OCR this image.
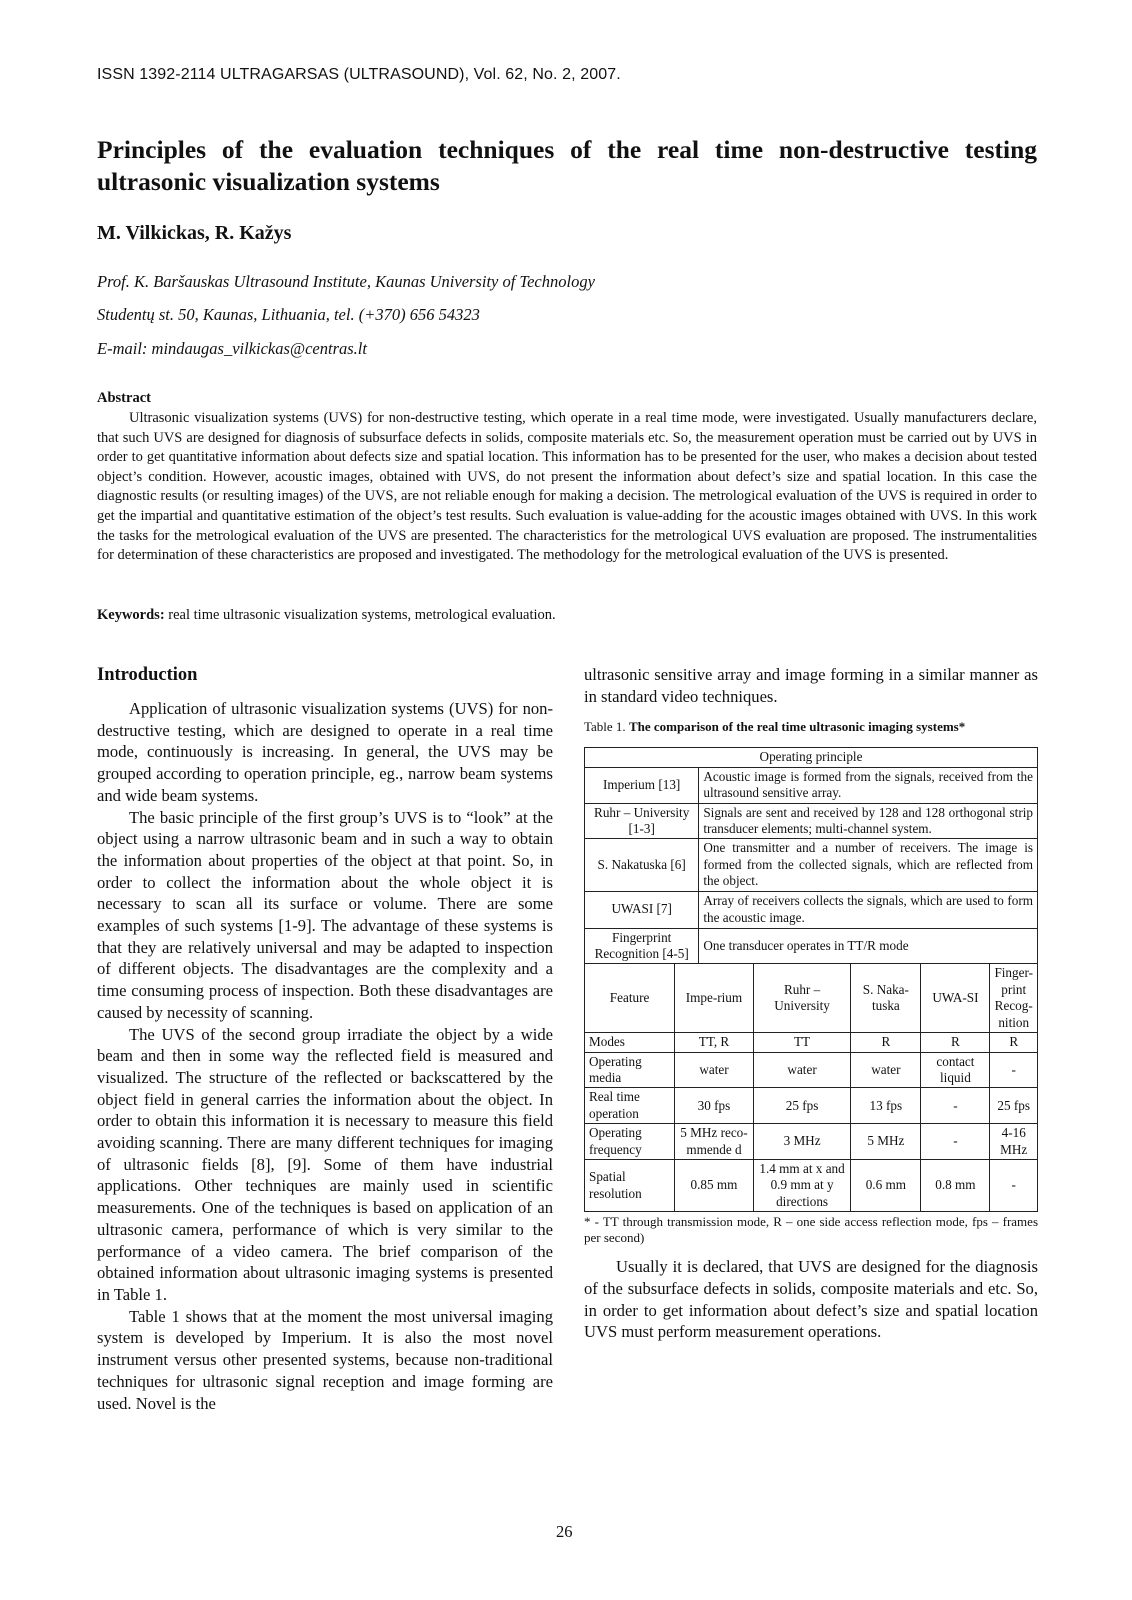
ISSN 1392-2114 ULTRAGARSAS (ULTRASOUND), Vol. 62, No. 2, 2007.
Principles of the evaluation techniques of the real time non-destructive testing ultrasonic visualization systems
M. Vilkickas, R. Kažys
Prof. K. Baršauskas Ultrasound Institute, Kaunas University of Technology
Studentų st. 50, Kaunas, Lithuania, tel. (+370) 656 54323
E-mail: mindaugas_vilkickas@centras.lt
Abstract

Ultrasonic visualization systems (UVS) for non-destructive testing, which operate in a real time mode, were investigated. Usually manufacturers declare, that such UVS are designed for diagnosis of subsurface defects in solids, composite materials etc. So, the measurement operation must be carried out by UVS in order to get quantitative information about defects size and spatial location. This information has to be presented for the user, who makes a decision about tested object’s condition. However, acoustic images, obtained with UVS, do not present the information about defect’s size and spatial location. In this case the diagnostic results (or resulting images) of the UVS, are not reliable enough for making a decision. The metrological evaluation of the UVS is required in order to get the impartial and quantitative estimation of the object’s test results. Such evaluation is value-adding for the acoustic images obtained with UVS. In this work the tasks for the metrological evaluation of the UVS are presented. The characteristics for the metrological UVS evaluation are proposed. The instrumentalities for determination of these characteristics are proposed and investigated. The methodology for the metrological evaluation of the UVS is presented.

Keywords: real time ultrasonic visualization systems, metrological evaluation.
Introduction

Application of ultrasonic visualization systems (UVS) for non-destructive testing, which are designed to operate in a real time mode, continuously is increasing. In general, the UVS may be grouped according to operation principle, eg., narrow beam systems and wide beam systems.

The basic principle of the first group’s UVS is to “look” at the object using a narrow ultrasonic beam and in such a way to obtain the information about properties of the object at that point. So, in order to collect the information about the whole object it is necessary to scan all its surface or volume. There are some examples of such systems [1-9]. The advantage of these systems is that they are relatively universal and may be adapted to inspection of different objects. The disadvantages are the complexity and a time consuming process of inspection. Both these disadvantages are caused by necessity of scanning.

The UVS of the second group irradiate the object by a wide beam and then in some way the reflected field is measured and visualized. The structure of the reflected or backscattered by the object field in general carries the information about the object. In order to obtain this information it is necessary to measure this field avoiding scanning. There are many different techniques for imaging of ultrasonic fields [8], [9]. Some of them have industrial applications. Other techniques are mainly used in scientific measurements. One of the techniques is based on application of an ultrasonic camera, performance of which is very similar to the performance of a video camera. The brief comparison of the obtained information about ultrasonic imaging systems is presented in Table 1.

Table 1 shows that at the moment the most universal imaging system is developed by Imperium. It is also the most novel instrument versus other presented systems, because non-traditional techniques for ultrasonic signal reception and image forming are used. Novel is the

ultrasonic sensitive array and image forming in a similar manner as in standard video techniques.

Table 1. The comparison of the real time ultrasonic imaging systems*
Operating principle	
Imperium [13]	Acoustic image is formed from the signals, received from the ultrasound sensitive array.
Ruhr – University [1-3]	Signals are sent and received by 128 and 128 orthogonal strip transducer elements; multi-channel system.
S. Nakatuska [6]	One transmitter and a number of receivers. The image is formed from the collected signals, which are reflected from the object.
UWASI [7]	Array of receivers collects the signals, which are used to form the acoustic image.
Fingerprint Recognition [4-5]	One transducer operates in TT/R mode
Feature	Impe-rium	Ruhr – University	S. Naka-tuska	UWA-SI	Finger-print Recog-nition
Modes	TT, R	TT	R	R	R
Operating media	water	water	water	contact liquid	-
Real time operation	30 fps	25 fps	13 fps	-	25 fps
Operating frequency	5 MHz reco-mmende d	3 MHz	5 MHz	-	4-16 MHz
Spatial resolution	0.85 mm	1.4 mm at x and 0.9 mm at y directions	0.6 mm	0.8 mm	-
* - TT through transmission mode, R – one side access reflection mode, fps – frames per second)

Usually it is declared, that UVS are designed for the diagnosis of the subsurface defects in solids, composite materials and etc. So, in order to get information about defect’s size and spatial location UVS must perform measurement operations.

26
